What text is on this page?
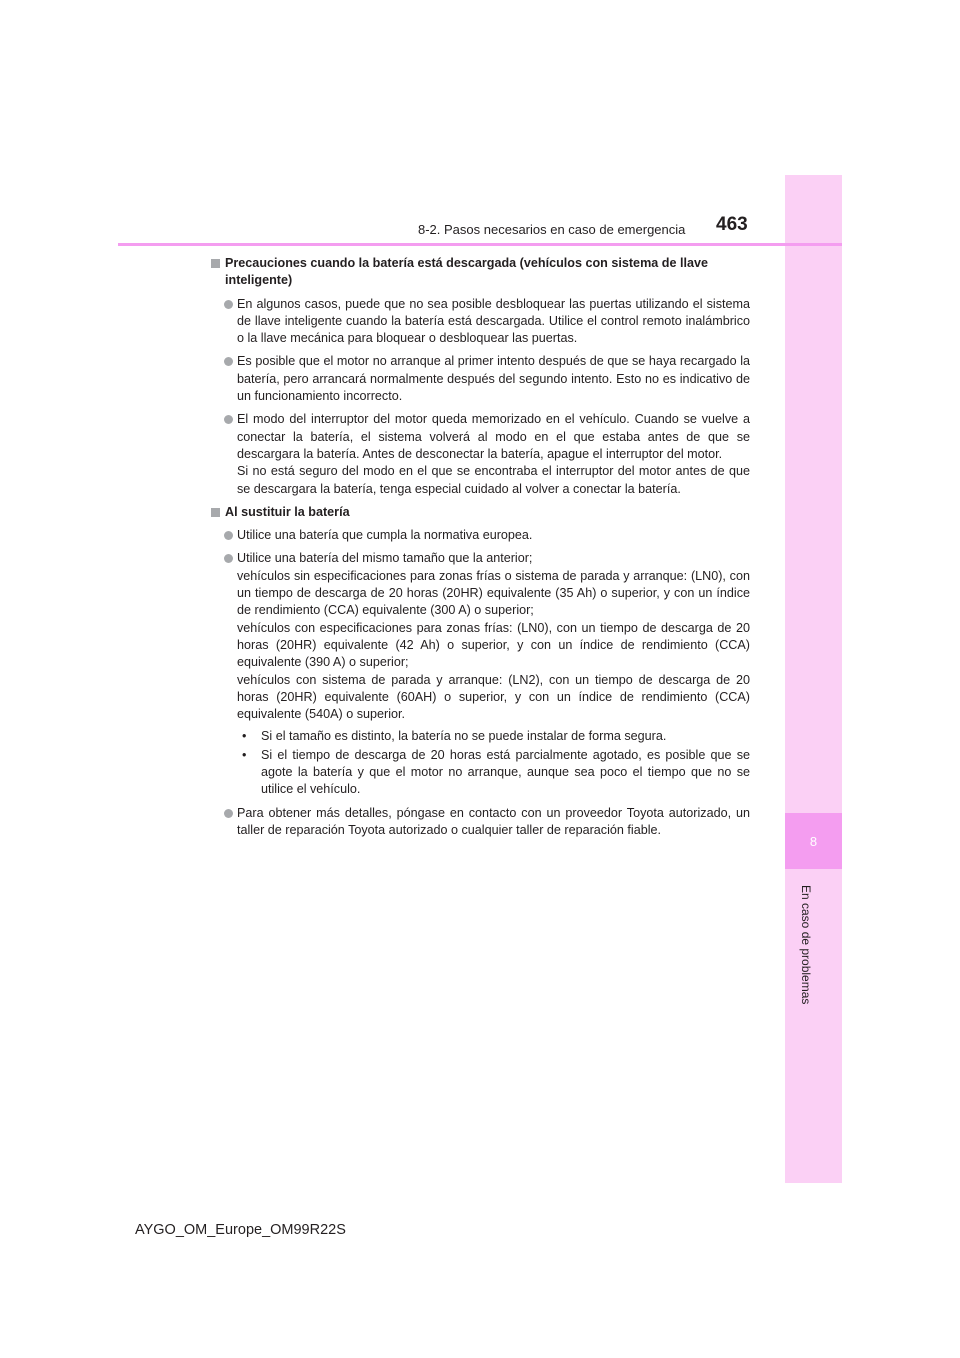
8
En caso de problemas
8-2. Pasos necesarios en caso de emergencia 463
Precauciones cuando la batería está descargada (vehículos con sistema de llave inteligente)
En algunos casos, puede que no sea posible desbloquear las puertas utilizando el sistema de llave inteligente cuando la batería está descargada. Utilice el control remoto inalámbrico o la llave mecánica para bloquear o desbloquear las puertas.
Es posible que el motor no arranque al primer intento después de que se haya recargado la batería, pero arrancará normalmente después del segundo intento. Esto no es indicativo de un funcionamiento incorrecto.
El modo del interruptor del motor queda memorizado en el vehículo. Cuando se vuelve a conectar la batería, el sistema volverá al modo en el que estaba antes de que se descargara la batería. Antes de desconectar la batería, apague el interruptor del motor.
Si no está seguro del modo en el que se encontraba el interruptor del motor antes de que se descargara la batería, tenga especial cuidado al volver a conectar la batería.
Al sustituir la batería
Utilice una batería que cumpla la normativa europea.
Utilice una batería del mismo tamaño que la anterior;
vehículos sin especificaciones para zonas frías o sistema de parada y arranque: (LN0), con un tiempo de descarga de 20 horas (20HR) equivalente (35 Ah) o superior, y con un índice de rendimiento (CCA) equivalente (300 A) o superior;
vehículos con especificaciones para zonas frías: (LN0), con un tiempo de descarga de 20 horas (20HR) equivalente (42 Ah) o superior, y con un índice de rendimiento (CCA) equivalente (390 A) o superior;
vehículos con sistema de parada y arranque: (LN2), con un tiempo de descarga de 20 horas (20HR) equivalente (60AH) o superior, y con un índice de rendimiento (CCA) equivalente (540A) o superior.
• Si el tamaño es distinto, la batería no se puede instalar de forma segura.
• Si el tiempo de descarga de 20 horas está parcialmente agotado, es posible que se agote la batería y que el motor no arranque, aunque sea poco el tiempo que no se utilice el vehículo.
Para obtener más detalles, póngase en contacto con un proveedor Toyota autorizado, un taller de reparación Toyota autorizado o cualquier taller de reparación fiable.
AYGO_OM_Europe_OM99R22S
